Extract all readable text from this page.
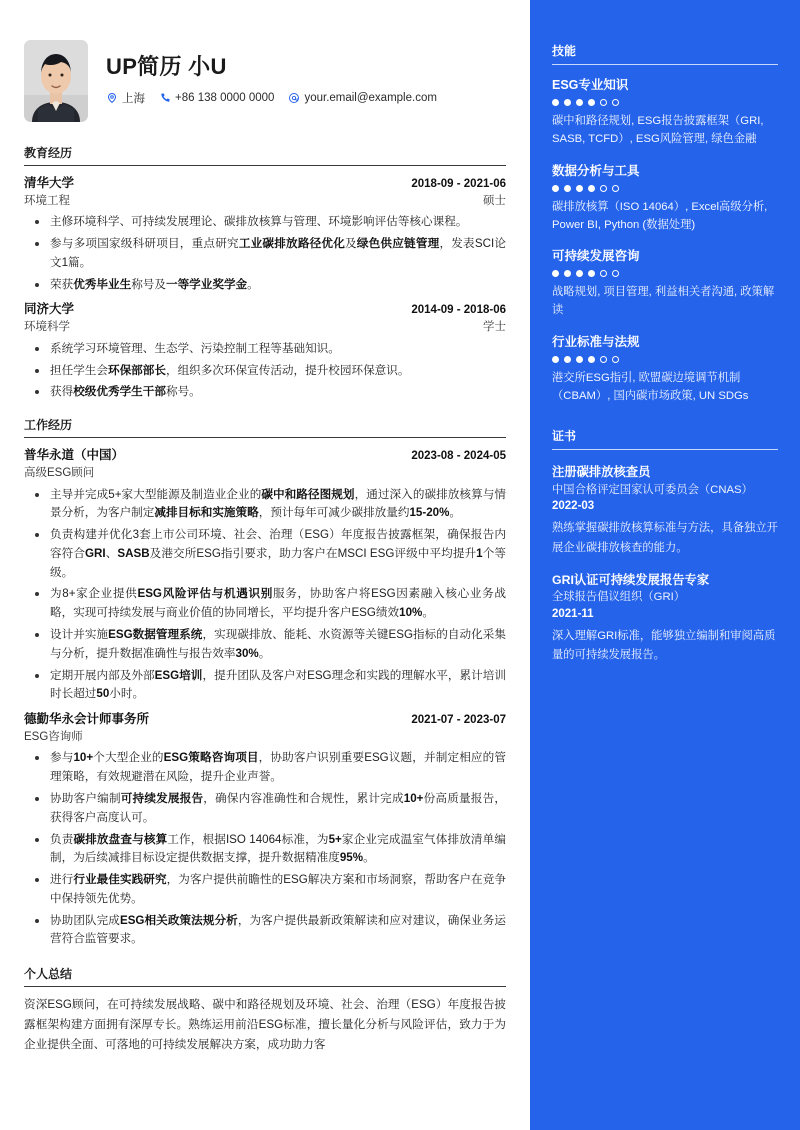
UP简历 小U
上海	+86 138 0000 0000	your.email@example.com
教育经历
清华大学	2018-09 - 2021-06
环境工程	硕士
主修环境科学、可持续发展理论、碳排放核算与管理、环境影响评估等核心课程。
参与多项国家级科研项目，重点研究工业碳排放路径优化及绿色供应链管理，发表SCI论文1篇。
荣获优秀毕业生称号及一等学业奖学金。
同济大学	2014-09 - 2018-06
环境科学	学士
系统学习环境管理、生态学、污染控制工程等基础知识。
担任学生会环保部部长，组织多次环保宣传活动，提升校园环保意识。
获得校级优秀学生干部称号。
工作经历
普华永道（中国）	2023-08 - 2024-05
高级ESG顾问
主导并完成5+家大型能源及制造业企业的碳中和路径图规划，通过深入的碳排放核算与情景分析，为客户制定减排目标和实施策略，预计每年可减少碳排放量约15-20%。
负责构建并优化3套上市公司环境、社会、治理（ESG）年度报告披露框架，确保报告内容符合GRI、SASB及港交所ESG指引要求，助力客户在MSCI ESG评级中平均提升1个等级。
为8+家企业提供ESG风险评估与机遇识别服务，协助客户将ESG因素融入核心业务战略，实现可持续发展与商业价值的协同增长，平均提升客户ESG绩效10%。
设计并实施ESG数据管理系统，实现碳排放、能耗、水资源等关键ESG指标的自动化采集与分析，提升数据准确性与报告效率30%。
定期开展内部及外部ESG培训，提升团队及客户对ESG理念和实践的理解水平，累计培训时长超过50小时。
德勤华永会计师事务所	2021-07 - 2023-07
ESG咨询师
参与10+个大型企业的ESG策略咨询项目，协助客户识别重要ESG议题，并制定相应的管理策略，有效规避潜在风险，提升企业声誉。
协助客户编制可持续发展报告，确保内容准确性和合规性，累计完成10+份高质量报告，获得客户高度认可。
负责碳排放盘查与核算工作，根据ISO 14064标准，为5+家企业完成温室气体排放清单编制，为后续减排目标设定提供数据支撑，提升数据精准度95%。
进行行业最佳实践研究，为客户提供前瞻性的ESG解决方案和市场洞察，帮助客户在竞争中保持领先优势。
协助团队完成ESG相关政策法规分析，为客户提供最新政策解读和应对建议，确保业务运营符合监管要求。
个人总结
资深ESG顾问，在可持续发展战略、碳中和路径规划及环境、社会、治理（ESG）年度报告披露框架构建方面拥有深厚专长。熟练运用前沿ESG标准，擅长量化分析与风险评估，致力于为企业提供全面、可落地的可持续发展解决方案，成功助力客
技能
ESG专业知识
碳中和路径规划, ESG报告披露框架（GRI, SASB, TCFD）, ESG风险管理, 绿色金融
数据分析与工具
碳排放核算（ISO 14064）, Excel高级分析, Power BI, Python (数据处理)
可持续发展咨询
战略规划, 项目管理, 利益相关者沟通, 政策解读
行业标准与法规
港交所ESG指引, 欧盟碳边境调节机制（CBAM）, 国内碳市场政策, UN SDGs
证书
注册碳排放核查员
中国合格评定国家认可委员会（CNAS）
2022-03
熟练掌握碳排放核算标准与方法，具备独立开展企业碳排放核查的能力。
GRI认证可持续发展报告专家
全球报告倡议组织（GRI）
2021-11
深入理解GRI标准，能够独立编制和审阅高质量的可持续发展报告。
